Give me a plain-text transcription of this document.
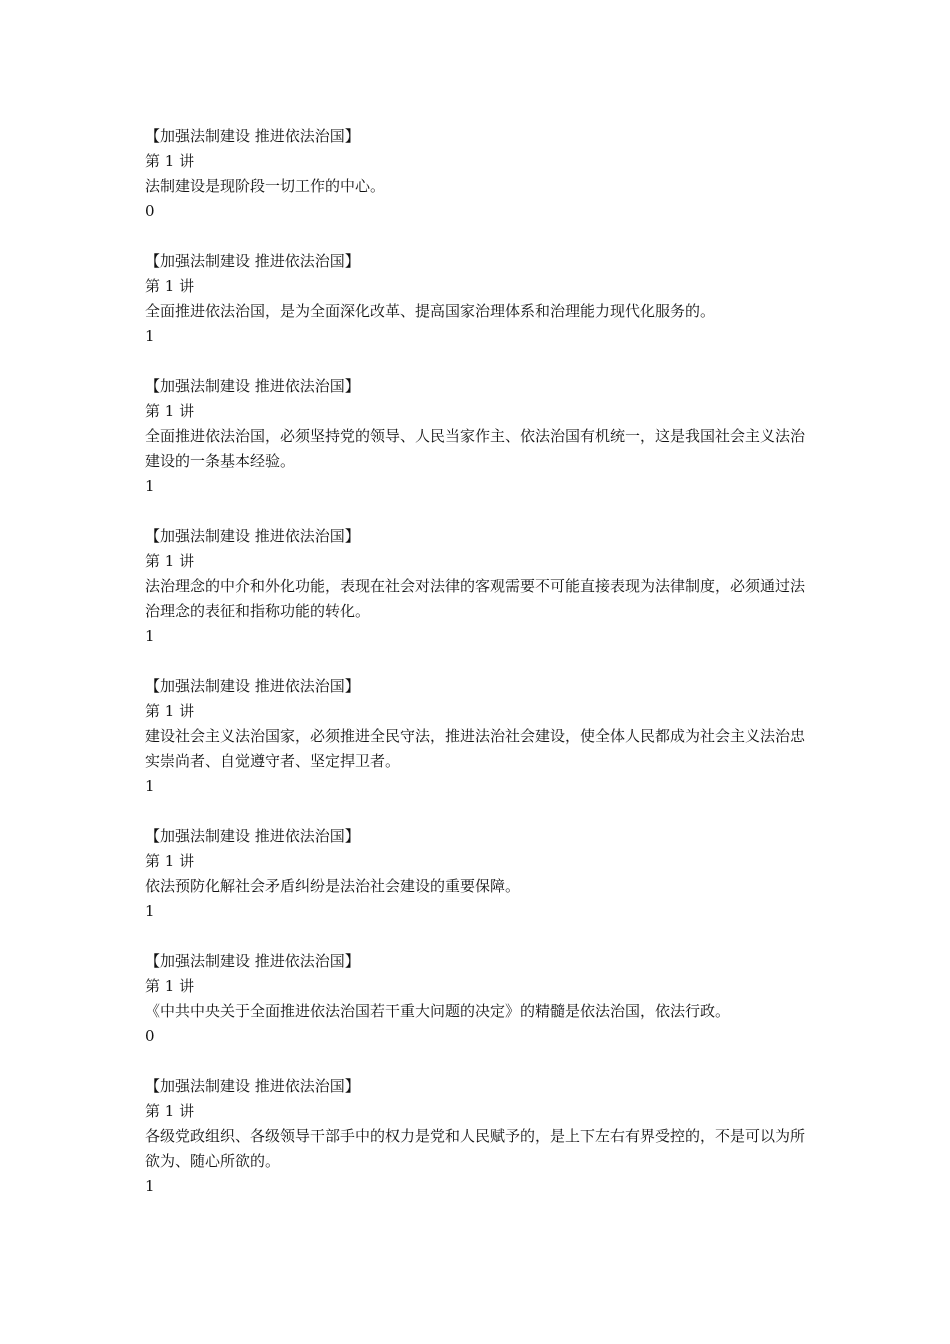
【加强法制建设 推进依法治国】
第 1 讲
法制建设是现阶段一切工作的中心。
0
【加强法制建设 推进依法治国】
第 1 讲
全面推进依法治国，是为全面深化改革、提高国家治理体系和治理能力现代化服务的。
1
【加强法制建设 推进依法治国】
第 1 讲
全面推进依法治国，必须坚持党的领导、人民当家作主、依法治国有机统一，这是我国社会主义法治建设的一条基本经验。
1
【加强法制建设 推进依法治国】
第 1 讲
法治理念的中介和外化功能，表现在社会对法律的客观需要不可能直接表现为法律制度，必须通过法治理念的表征和指称功能的转化。
1
【加强法制建设 推进依法治国】
第 1 讲
建设社会主义法治国家，必须推进全民守法，推进法治社会建设，使全体人民都成为社会主义法治忠实崇尚者、自觉遵守者、坚定捍卫者。
1
【加强法制建设 推进依法治国】
第 1 讲
依法预防化解社会矛盾纠纷是法治社会建设的重要保障。
1
【加强法制建设 推进依法治国】
第 1 讲
《中共中央关于全面推进依法治国若干重大问题的决定》的精髓是依法治国，依法行政。
0
【加强法制建设 推进依法治国】
第 1 讲
各级党政组织、各级领导干部手中的权力是党和人民赋予的，是上下左右有界受控的，不是可以为所欲为、随心所欲的。
1
